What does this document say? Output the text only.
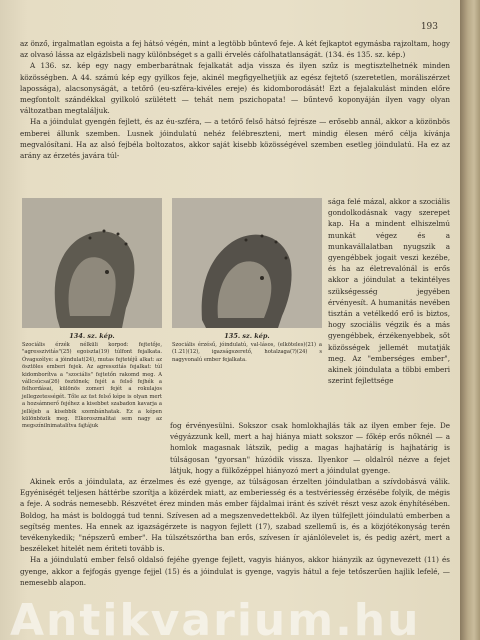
193

az önző, irgalmatlan egoista a fej hátsó végén, mint a legtöbb bűntevő feje. A két fejkaptot egymásba rajzoltam, hogy az olvasó lássa az elgázlsbeli nagy különbséget s a galli érvelés cáfolhatatlanságát. (134. és 135. sz. kép.)

A 136. sz. kép egy nagy emberbarátnak fejalkatát adja vissza és ilyen szűz is megtisztelhetnék minden közösségben. A 44. számú kép egy gyilkos feje, akinél megfigyelhetjük az egész fejtető (szeretetlen, moráliszérzet lapossága), alacsonyságát, a tetőrő (eu-szféra-kivéles ereje) és kidomborodását! Ezt a fejalakulást minden előre megfontolt szándékkal gyilkoló szülétett — tehát nem pszichopata! — bűntevő koponyáján ilyen vagy olyan változatban megtaláljuk.

Ha a jóindulat gyengén fejlett, és az éu-szféra, — a tetőrő felső hátsó fejrésze — erősebb annál, akkor a közönbös emberei állunk szemben. Lusnek jóindulatú nehéz felébreszteni, mert mindig élesen mérő célja kívánja megvalósítani. Ha az alsó fejbéla boltozatos, akkor saját kisebb közösségével szemben esetleg jóindulatú. Ha ez az arány az érzetés javára túl-

134. sz. kép.
Szociális érzék nélküli korpod: fejtetője, "agresszivitás"(25) egoiszta(19) túlfont fejalkata. Óvagszélye: a jóindulat(24), mutas fejtetéjű alkat: az ösztöles emberi fejek. Az agresszitás fejalkat: túl kidomborítva a "szociális" fejtetőn rakomd meg. A vállcsúcsa(26) ösztönek; fejét a felső fejhék a felhordásai, különös zomeri fejét a rokulajos jellegzetességét. Tőle az üst felső képe is olyan mert a hozsámnerő fejéhez a kisebbet szabadon kavarja a jelléjeb a kisebbik szembánhatak. Ez a képen különbözik meg. Elkoroszmalitai sem nagy az megszínilnimatalítva fajtájuk
135. sz. kép.
Szociális érzésű, jóindulatú, val-lásos, (elköteles)(21) a (1.21)(12), igazságszerető, hotalzaga(?)(24) s nagyvonalú ember fejalkata.
sága felé mázal, akkor a szociális gondolkodásnak vagy szerepet kap. Ha a mindent elhiszelmú munkát végez és a munkavállalatban nyugszik a gyengébbek jogait veszi kezébe, és ha az életrevalónál is erős akkor a jóindulat a tekintélyes szükségesség jegyében érvényesít. A humanitás nevében tisztán a vetélkedő erő is biztos, hogy szociális végzik és a más gyengébbek, érzékenyebbek, sőt közösségek jellemét mutatják meg. Az "emberséges ember", akinek jóindulata a többi emberi szerint fejlettsége

fog érvényesülni. Sokszor csak homlokhajlás ták az ilyen ember feje. De végyázzunk kell, mert a haj hiánya miatt sokszor — főkép erős nőknél — a homlok magasnak látszik, pedig a magas hajhatáríg is hajhatárig is túlságosan "gyorsan" húzódik vissza. Ilyenkor — oldalról nézve a fejet látjuk, hogy a fülkőzéppel hiányozó mert a jóindulat gyenge.

Akinek erős a jóindulata, az érzelmes és ezé gyenge, az túlságosan érzelten jóindulatban a szívdobásvá válik. Egyéniségét teljesen háttérbe szorítja a közérdek miatt, az emberiesség és a testvériesség érzésébe folyik, de mégis a feje. A sodrás nemesebb. Részvétet érez minden más ember fájdalmai iránt és szívét részt vesz azok ényhítésében. Boldog, ha mást is boldoggá tud tenni. Szívesen ad a megszenvedettekből. Az ilyen túlfejlett jóindulatú emberben a segítség mentes. Ha ennek az igazságérzete is nagyon fejlett (17), szabad szellemű is, és a közjótékonyság terén tevékenykedik; "népszerű ember". Ha túlszétszórtha ban erős, szívesen ír ajánlólevelet is, és pedig azért, mert a beszéleket hitelét nem ériteti tovább is.

Ha a jóindulatú ember felső oldalsó fejéhe gyenge fejlett, vagyis hiányos, akkor hiányzik az úgynevezett (11) és gyenge, akkor a fejfogás gyenge fejjel (15) és a jóindulat is gyenge, vagyis hátul a feje tetőszerűen hajlik lefelé, — nemesebb alapon.

Antikvarium.hu
